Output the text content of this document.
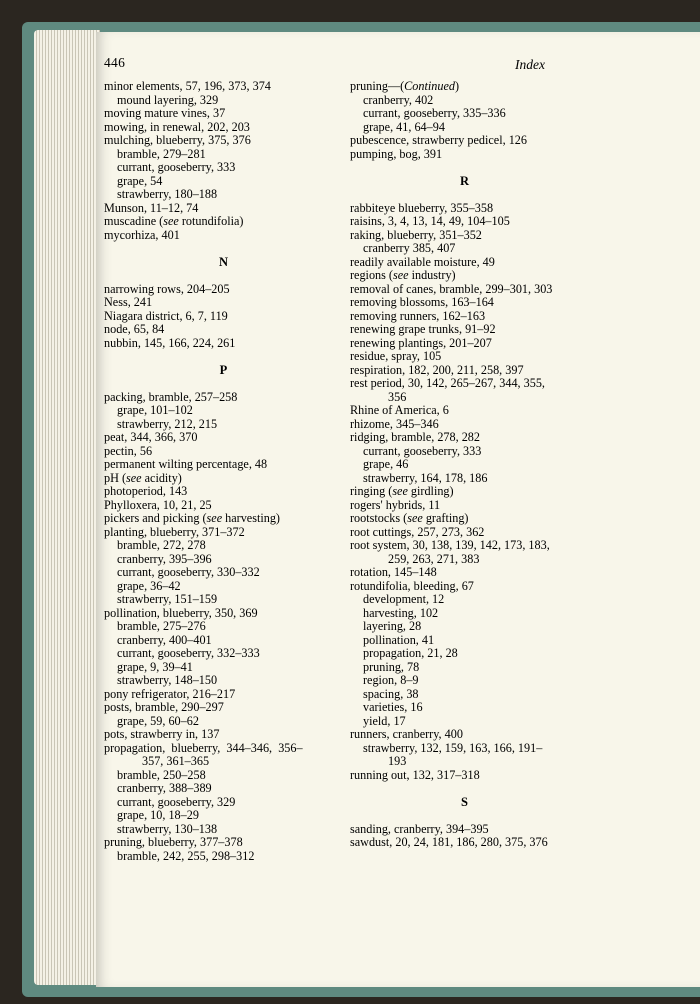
446	Index
minor elements, 57, 196, 373, 374
mound layering, 329
moving mature vines, 37
mowing, in renewal, 202, 203
mulching, blueberry, 375, 376
bramble, 279–281
currant, gooseberry, 333
grape, 54
strawberry, 180–188
Munson, 11–12, 74
muscadine (see rotundifolia)
mycorhiza, 401
N
narrowing rows, 204–205
Ness, 241
Niagara district, 6, 7, 119
node, 65, 84
nubbin, 145, 166, 224, 261
P
packing, bramble, 257–258
grape, 101–102
strawberry, 212, 215
peat, 344, 366, 370
pectin, 56
permanent wilting percentage, 48
pH (see acidity)
photoperiod, 143
Phylloxera, 10, 21, 25
pickers and picking (see harvesting)
planting, blueberry, 371–372
bramble, 272, 278
cranberry, 395–396
currant, gooseberry, 330–332
grape, 36–42
strawberry, 151–159
pollination, blueberry, 350, 369
bramble, 275–276
cranberry, 400–401
currant, gooseberry, 332–333
grape, 9, 39–41
strawberry, 148–150
pony refrigerator, 216–217
posts, bramble, 290–297
grape, 59, 60–62
pots, strawberry in, 137
propagation,  blueberry,  344–346,  356–
357, 361–365
bramble, 250–258
cranberry, 388–389
currant, gooseberry, 329
grape, 10, 18–29
strawberry, 130–138
pruning, blueberry, 377–378
bramble, 242, 255, 298–312
pruning—(Continued)
cranberry, 402
currant, gooseberry, 335–336
grape, 41, 64–94
pubescence, strawberry pedicel, 126
pumping, bog, 391
R
rabbiteye blueberry, 355–358
raisins, 3, 4, 13, 14, 49, 104–105
raking, blueberry, 351–352
cranberry 385, 407
readily available moisture, 49
regions (see industry)
removal of canes, bramble, 299–301, 303
removing blossoms, 163–164
removing runners, 162–163
renewing grape trunks, 91–92
renewing plantings, 201–207
residue, spray, 105
respiration, 182, 200, 211, 258, 397
rest period, 30, 142, 265–267, 344, 355,
356
Rhine of America, 6
rhizome, 345–346
ridging, bramble, 278, 282
currant, gooseberry, 333
grape, 46
strawberry, 164, 178, 186
ringing (see girdling)
rogers' hybrids, 11
rootstocks (see grafting)
root cuttings, 257, 273, 362
root system, 30, 138, 139, 142, 173, 183,
259, 263, 271, 383
rotation, 145–148
rotundifolia, bleeding, 67
development, 12
harvesting, 102
layering, 28
pollination, 41
propagation, 21, 28
pruning, 78
region, 8–9
spacing, 38
varieties, 16
yield, 17
runners, cranberry, 400
strawberry, 132, 159, 163, 166, 191–
193
running out, 132, 317–318
S
sanding, cranberry, 394–395
sawdust, 20, 24, 181, 186, 280, 375, 376
